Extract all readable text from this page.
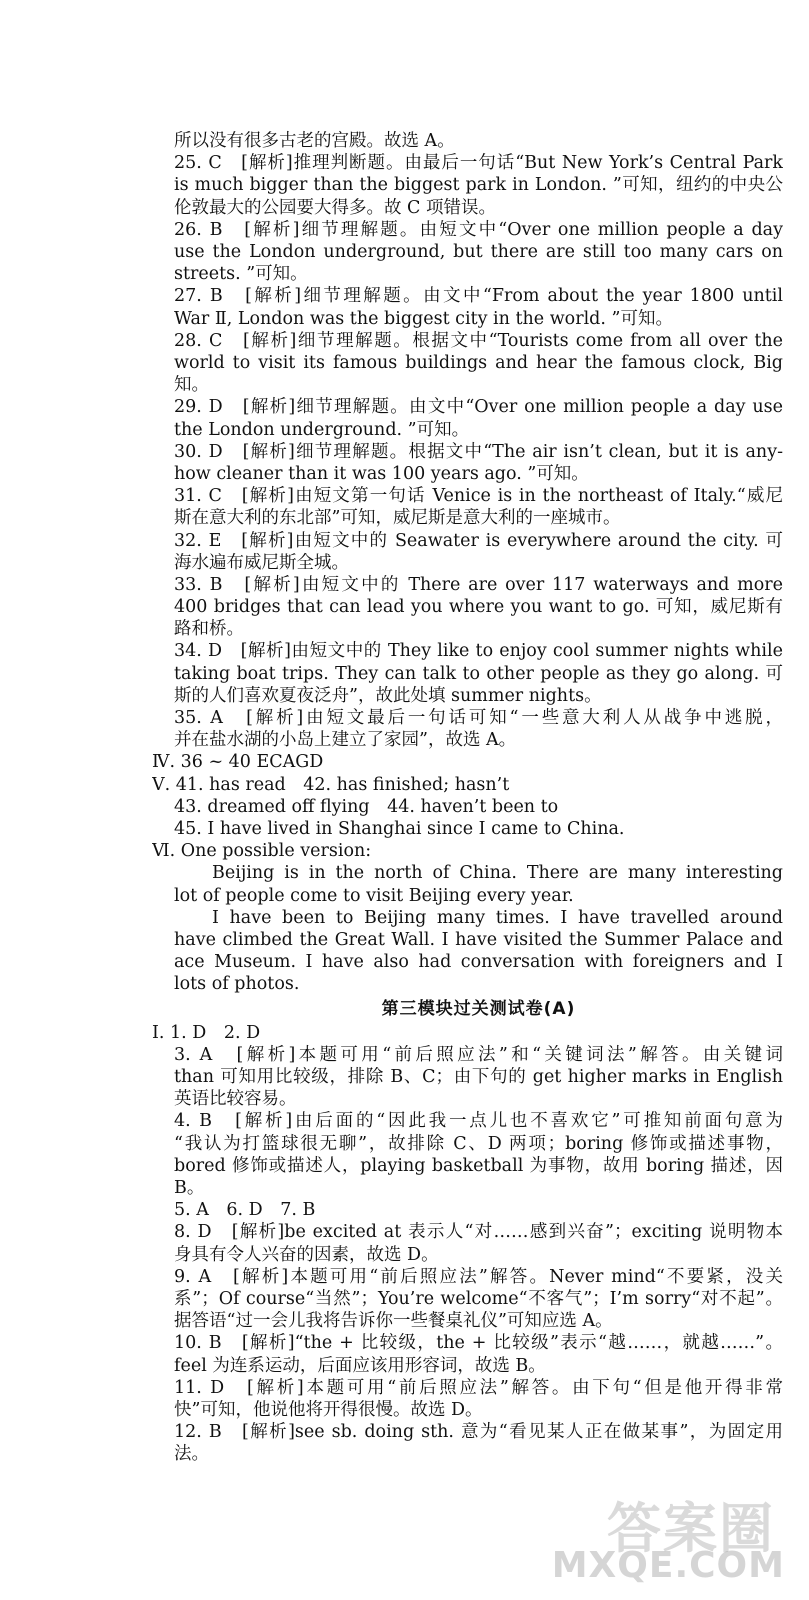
所以没有很多古老的宫殿。故选 A。
25. C　[解析]推理判断题。由最后一句话“But New York’s Central Park
is much bigger than the biggest park in London. ”可知，纽约的中央公
伦敦最大的公园要大得多。故 C 项错误。
26. B　[解析]细节理解题。由短文中“Over one million people a day
use the London underground, but there are still too many cars on
streets. ”可知。
27. B　[解析]细节理解题。由文中“From about the year 1800 until
War Ⅱ, London was the biggest city in the world. ”可知。
28. C　[解析]细节理解题。根据文中“Tourists come from all over the
world to visit its famous buildings and hear the famous clock, Big
知。
29. D　[解析]细节理解题。由文中“Over one million people a day use
the London underground. ”可知。
30. D　[解析]细节理解题。根据文中“The air isn’t clean, but it is any-
how cleaner than it was 100 years ago. ”可知。
31. C　[解析]由短文第一句话 Venice is in the northeast of Italy.“威尼
斯在意大利的东北部”可知，威尼斯是意大利的一座城市。
32. E　[解析]由短文中的 Seawater is everywhere around the city. 可
海水遍布威尼斯全城。
33. B　[解析]由短文中的 There are over 117 waterways and more
400 bridges that can lead you where you want to go. 可知，威尼斯有
路和桥。
34. D　[解析]由短文中的 They like to enjoy cool summer nights while
taking boat trips. They can talk to other people as they go along. 可
斯的人们喜欢夏夜泛舟”，故此处填 summer nights。
35. A　[解析]由短文最后一句话可知“一些意大利人从战争中逃脱，
并在盐水湖的小岛上建立了家园”，故选 A。
Ⅳ. 36 ~ 40 ECAGD
Ⅴ. 41. has read　42. has finished; hasn’t
43. dreamed off flying　44. haven’t been to
45. I have lived in Shanghai since I came to China.
Ⅵ. One possible version:
Beijing is in the north of China. There are many interesting
lot of people come to visit Beijing every year.
I have been to Beijing many times. I have travelled around
have climbed the Great Wall. I have visited the Summer Palace and
ace Museum. I have also had conversation with foreigners and I
lots of photos.
第三模块过关测试卷(A)
Ⅰ. 1. D　2. D
3. A　[解析]本题可用“前后照应法”和“关键词法”解答。由关键词
than 可知用比较级，排除 B、C；由下句的 get higher marks in English
英语比较容易。
4. B　[解析]由后面的“因此我一点儿也不喜欢它”可推知前面句意为
“我认为打篮球很无聊”，故排除 C、D 两项；boring 修饰或描述事物，
bored 修饰或描述人，playing basketball 为事物，故用 boring 描述，因
B。
5. A　6. D　7. B
8. D　[解析]be excited at 表示人“对……感到兴奋”；exciting 说明物本
身具有令人兴奋的因素，故选 D。
9. A　[解析]本题可用“前后照应法”解答。Never mind“不要紧，没关
系”；Of course“当然”；You’re welcome“不客气”；I’m sorry“对不起”。
据答语“过一会儿我将告诉你一些餐桌礼仪”可知应选 A。
10. B　[解析]“the + 比较级，the + 比较级”表示“越……，就越……”。
feel 为连系运动，后面应该用形容词，故选 B。
11. D　[解析]本题可用“前后照应法”解答。由下句“但是他开得非常
快”可知，他说他将开得很慢。故选 D。
12. B　[解析]see sb. doing sth. 意为“看见某人正在做某事”，为固定用
法。
答案圈
MXQE.COM
